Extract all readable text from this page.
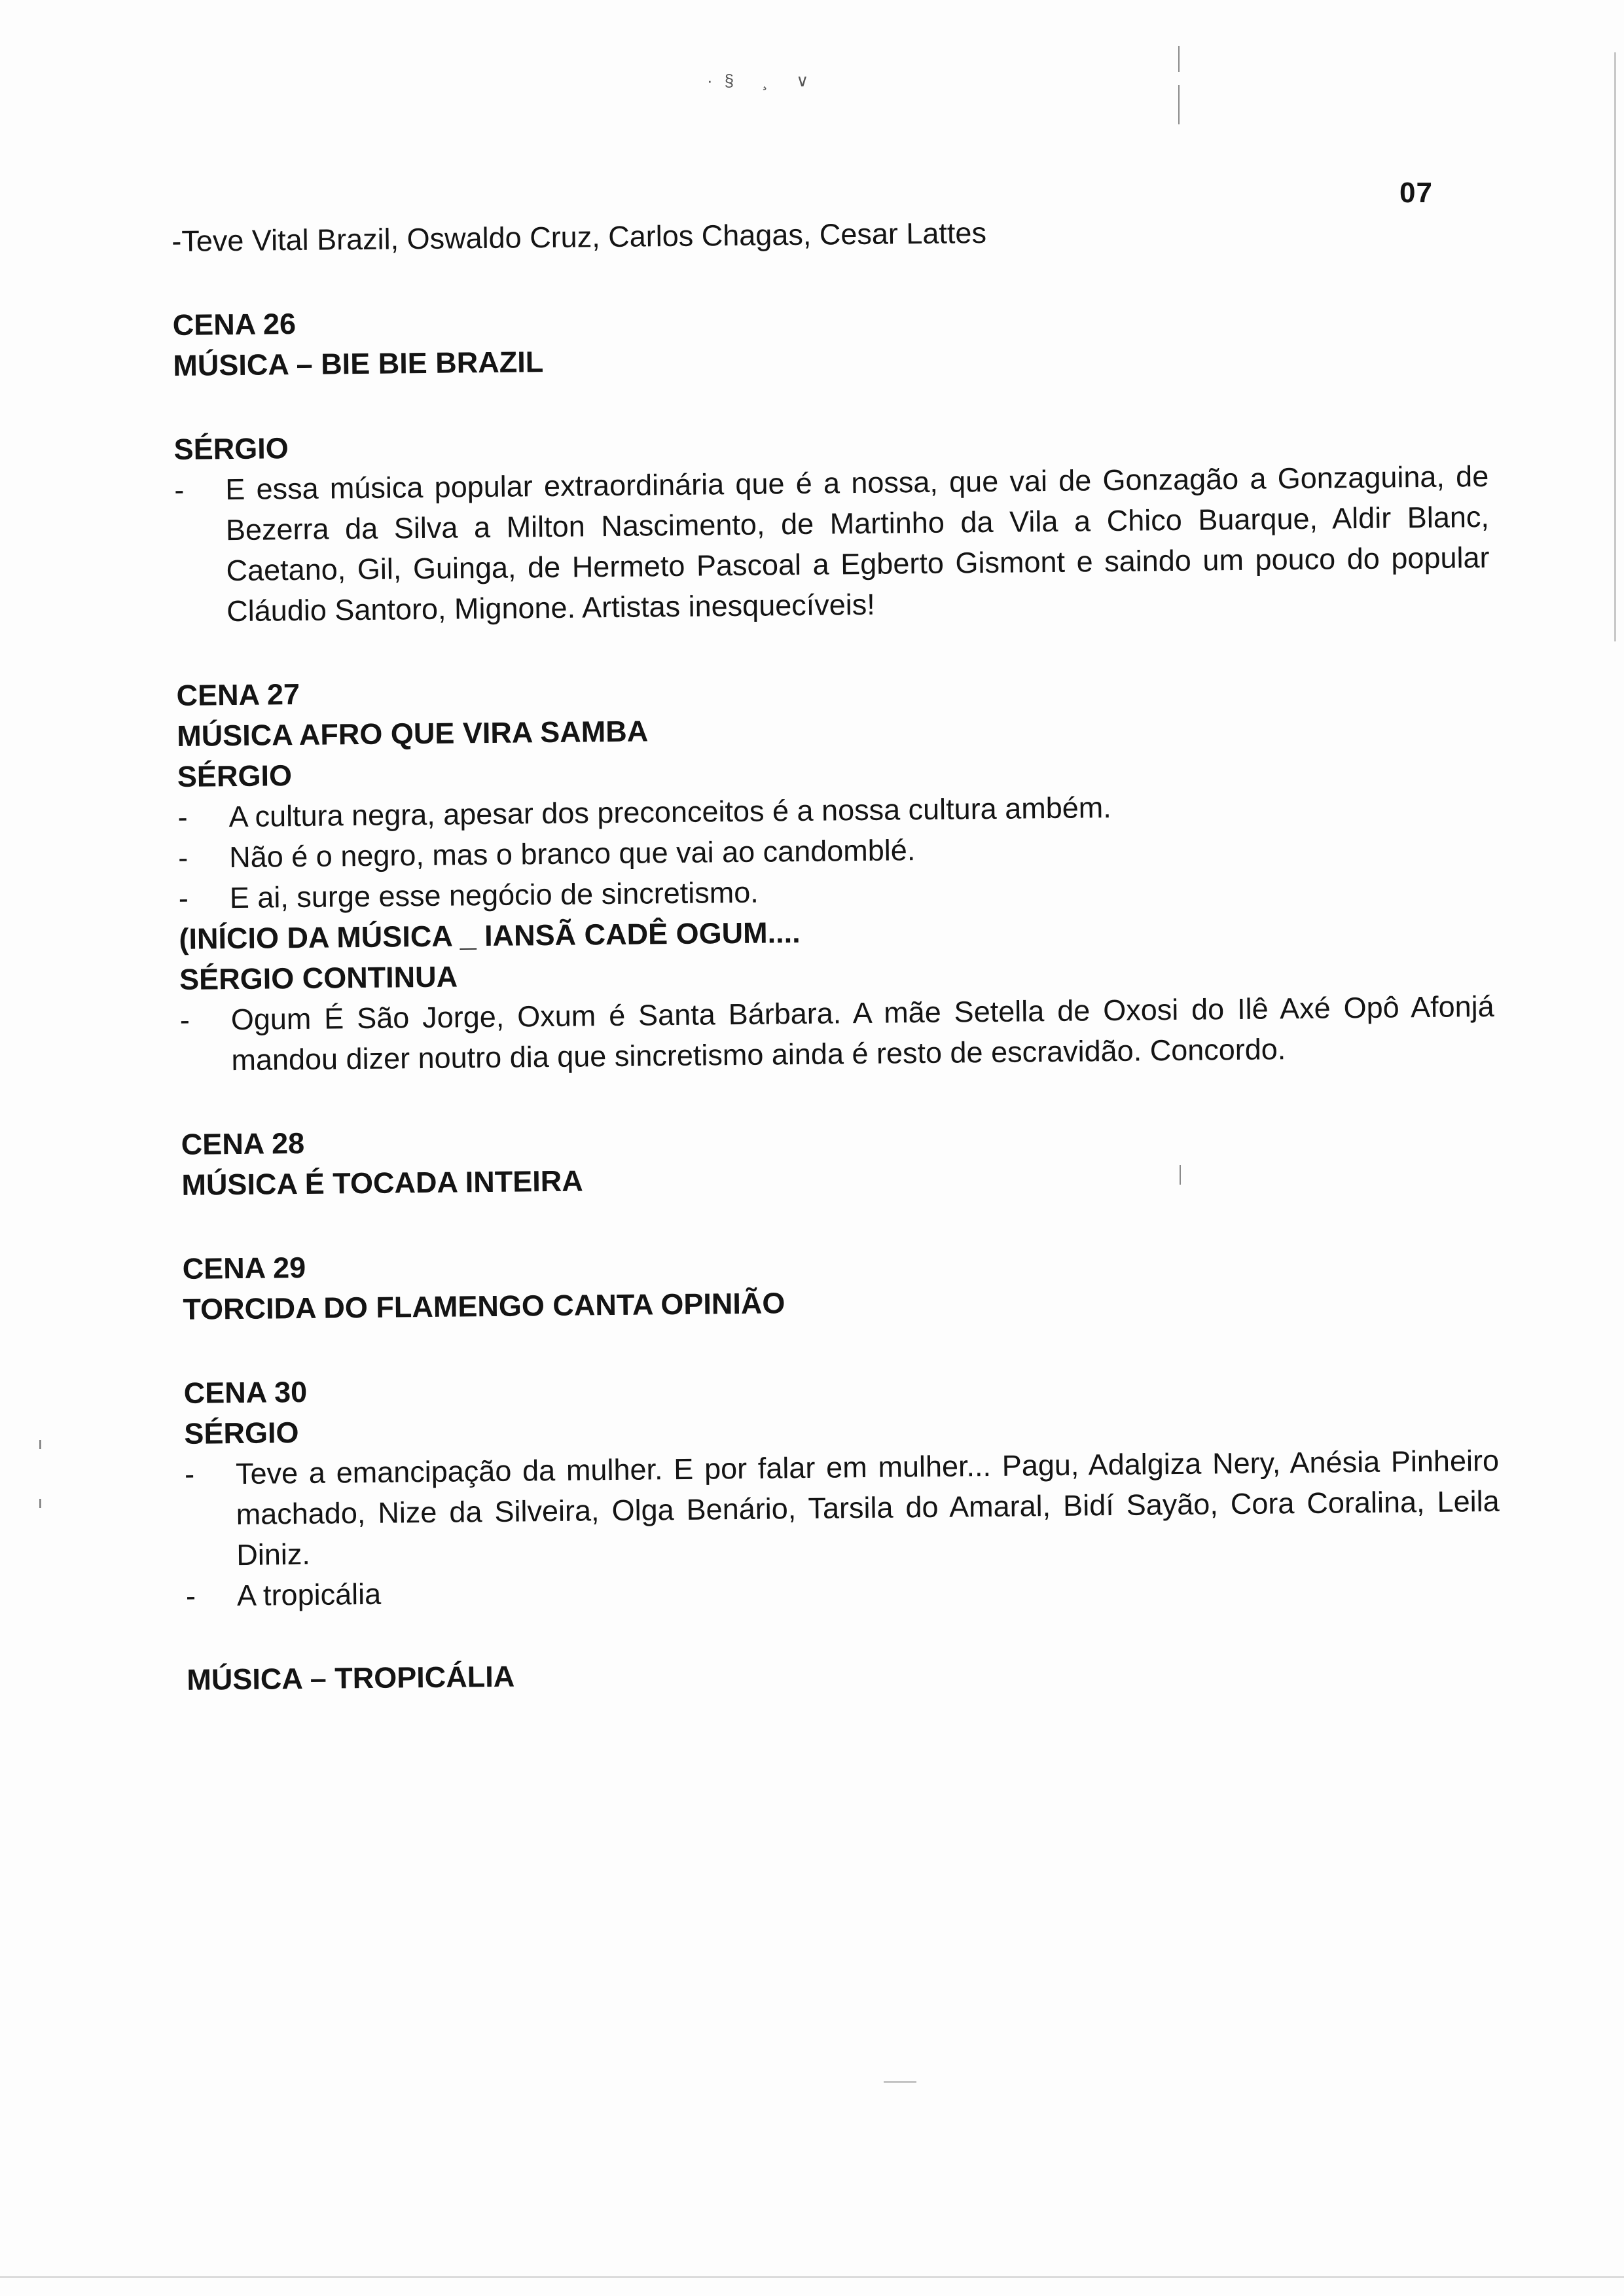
·§ ¸ ∨
07

-Teve Vital Brazil, Oswaldo Cruz, Carlos Chagas, Cesar Lattes

CENA 26

MÚSICA – BIE BIE BRAZIL

SÉRGIO

- E essa música popular extraordinária que é a nossa, que vai de Gonzagão a Gonzaguina, de Bezerra da Silva a Milton Nascimento, de Martinho da Vila a Chico Buarque, Aldir Blanc, Caetano, Gil, Guinga, de Hermeto Pascoal a Egberto Gismont e saindo um pouco do popular Cláudio Santoro, Mignone. Artistas inesquecíveis!

CENA 27

MÚSICA AFRO QUE VIRA SAMBA

SÉRGIO

- A cultura negra, apesar dos preconceitos é a nossa cultura ambém.
- Não é o negro, mas o branco que vai ao candomblé.
- E ai, surge esse negócio de sincretismo.

(INÍCIO DA MÚSICA _ IANSÃ CADÊ OGUM....

SÉRGIO CONTINUA

- Ogum É São Jorge, Oxum é Santa Bárbara. A mãe Setella de Oxosi do Ilê Axé Opô Afonjá mandou dizer noutro dia que sincretismo ainda é resto de escravidão. Concordo.

CENA 28

MÚSICA É TOCADA INTEIRA

CENA 29

TORCIDA DO FLAMENGO CANTA OPINIÃO

CENA 30

SÉRGIO

- Teve a emancipação da mulher. E por falar em mulher... Pagu, Adalgiza Nery, Anésia Pinheiro machado, Nize da Silveira, Olga Benário, Tarsila do Amaral, Bidí Sayão, Cora Coralina, Leila Diniz.
- A tropicália

MÚSICA – TROPICÁLIA
